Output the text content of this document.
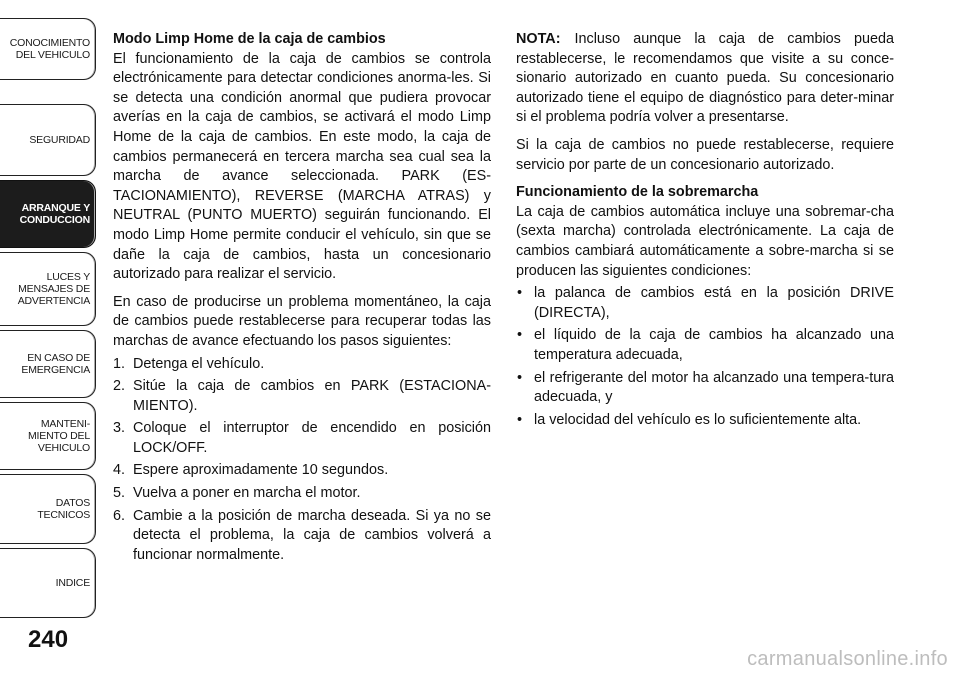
CONOCIMIENTO
DEL VEHICULO
SEGURIDAD
ARRANQUE Y
CONDUCCION
LUCES Y
MENSAJES DE
ADVERTENCIA
EN CASO DE
EMERGENCIA
MANTENI-
MIENTO DEL
VEHICULO
DATOS
TECNICOS
INDICE
240
Modo Limp Home de la caja de cambios

El funcionamiento de la caja de cambios se controla electrónicamente para detectar condiciones anorma-les. Si se detecta una condición anormal que pudiera provocar averías en la caja de cambios, se activará el modo Limp Home de la caja de cambios. En este modo, la caja de cambios permanecerá en tercera marcha sea cual sea la marcha de avance seleccionada. PARK (ES-TACIONAMIENTO), REVERSE (MARCHA ATRAS) y NEUTRAL (PUNTO MUERTO) seguirán funcionando. El modo Limp Home permite conducir el vehículo, sin que se dañe la caja de cambios, hasta un concesionario autorizado para realizar el servicio.

En caso de producirse un problema momentáneo, la caja de cambios puede restablecerse para recuperar todas las marchas de avance efectuando los pasos siguientes:

1. Detenga el vehículo.
2. Sitúe la caja de cambios en PARK (ESTACIONA-MIENTO).
3. Coloque el interruptor de encendido en posición LOCK/OFF.
4. Espere aproximadamente 10 segundos.
5. Vuelva a poner en marcha el motor.
6. Cambie a la posición de marcha deseada. Si ya no se detecta el problema, la caja de cambios volverá a funcionar normalmente.

NOTA: Incluso aunque la caja de cambios pueda restablecerse, le recomendamos que visite a su conce-sionario autorizado en cuanto pueda. Su concesionario autorizado tiene el equipo de diagnóstico para deter-minar si el problema podría volver a presentarse.

Si la caja de cambios no puede restablecerse, requiere servicio por parte de un concesionario autorizado.

Funcionamiento de la sobremarcha

La caja de cambios automática incluye una sobremar-cha (sexta marcha) controlada electrónicamente. La caja de cambios cambiará automáticamente a sobre-marcha si se producen las siguientes condiciones:

• la palanca de cambios está en la posición DRIVE (DIRECTA),
• el líquido de la caja de cambios ha alcanzado una temperatura adecuada,
• el refrigerante del motor ha alcanzado una tempera-tura adecuada, y
• la velocidad del vehículo es lo suficientemente alta.
carmanualsonline.info
